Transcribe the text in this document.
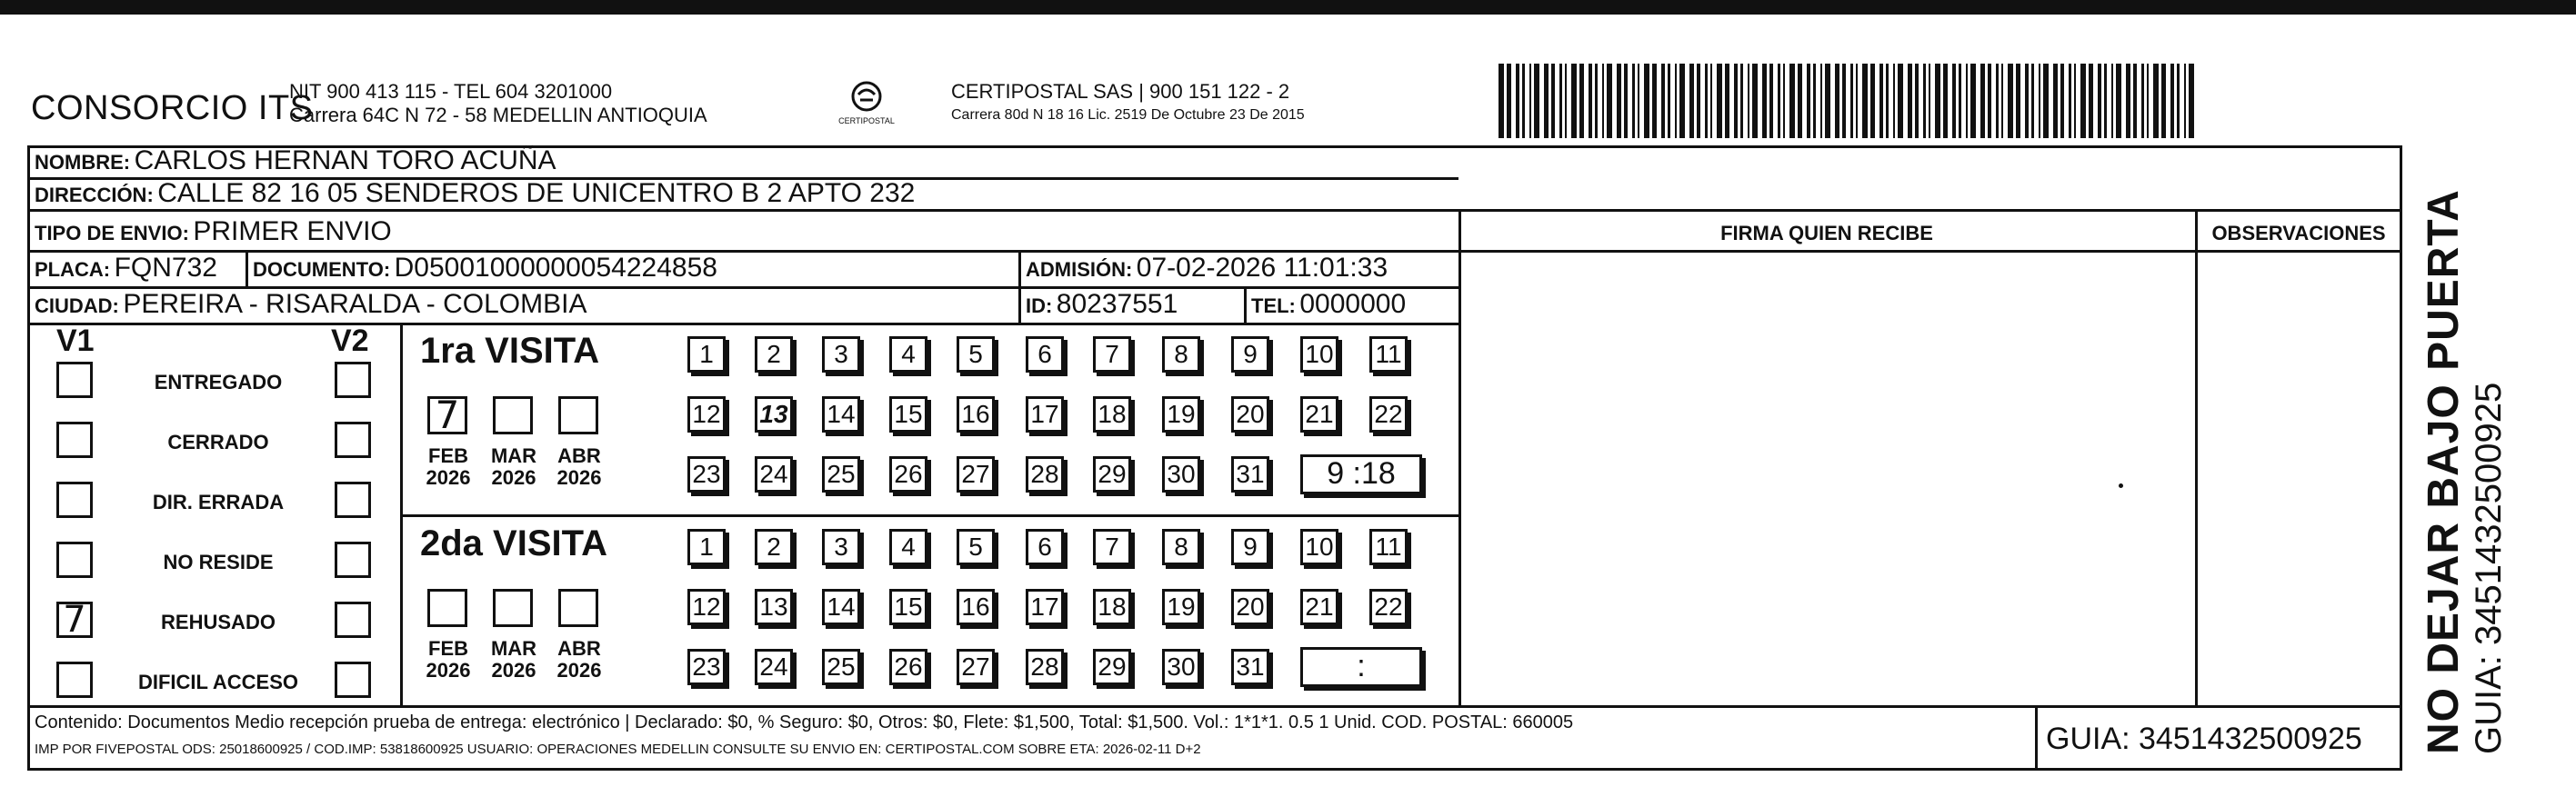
CONSORCIO ITS
NIT 900 413 115 - TEL 604 3201000
Carrera 64C N 72 - 58 MEDELLIN ANTIOQUIA	CERTIPOSTAL
CERTIPOSTAL SAS | 900 151 122 - 2
Carrera 80d N 18 16 Lic. 2519 De Octubre 23 De 2015
NOMBRE: CARLOS HERNAN TORO ACUÑA
DIRECCIÓN: CALLE 82 16 05 SENDEROS DE UNICENTRO B 2 APTO 232
TIPO DE ENVIO: PRIMER ENVIO	FIRMA QUIEN RECIBE	OBSERVACIONES
PLACA: FQN732 DOCUMENTO: D05001000000054224858	ADMISIÓN: 07-02-2026 11:01:33
CIUDAD: PEREIRA - RISARALDA - COLOMBIA	ID: 80237551	TEL: 0000000
V1	V2
ENTREGADO
CERRADO
DIR. ERRADA
NO RESIDE
7	REHUSADO
DIFICIL ACCESO
1ra VISITA
7
FEB
2026
MAR
2026
ABR
2026
1	2	3	4	5	6	7	8	9	10 11
12 13 14 15 16 17 18 19 20 21 22
23 24 25 26 27 28 29 30 31	9 :18
2da VISITA
FEB
2026
MAR
2026
ABR
2026
1	2	3	4	5	6	7	8	9	10 11
12 13 14 15 16 17 18 19 20 21 22
23 24 25 26 27 28 29 30 31	:
Contenido: Documentos Medio recepción prueba de entrega: electrónico | Declarado: $0, % Seguro: $0, Otros: $0, Flete: $1,500, Total: $1,500. Vol.: 1*1*1. 0.5 1 Unid. COD. POSTAL: 660005
IMP POR FIVEPOSTAL ODS: 25018600925 / COD.IMP: 53818600925 USUARIO: OPERACIONES MEDELLIN CONSULTE SU ENVIO EN: CERTIPOSTAL.COM SOBRE ETA: 2026-02-11 D+2	GUIA: 3451432500925 NO DEJAR BAJO PUERTA GUIA: 3451432500925
